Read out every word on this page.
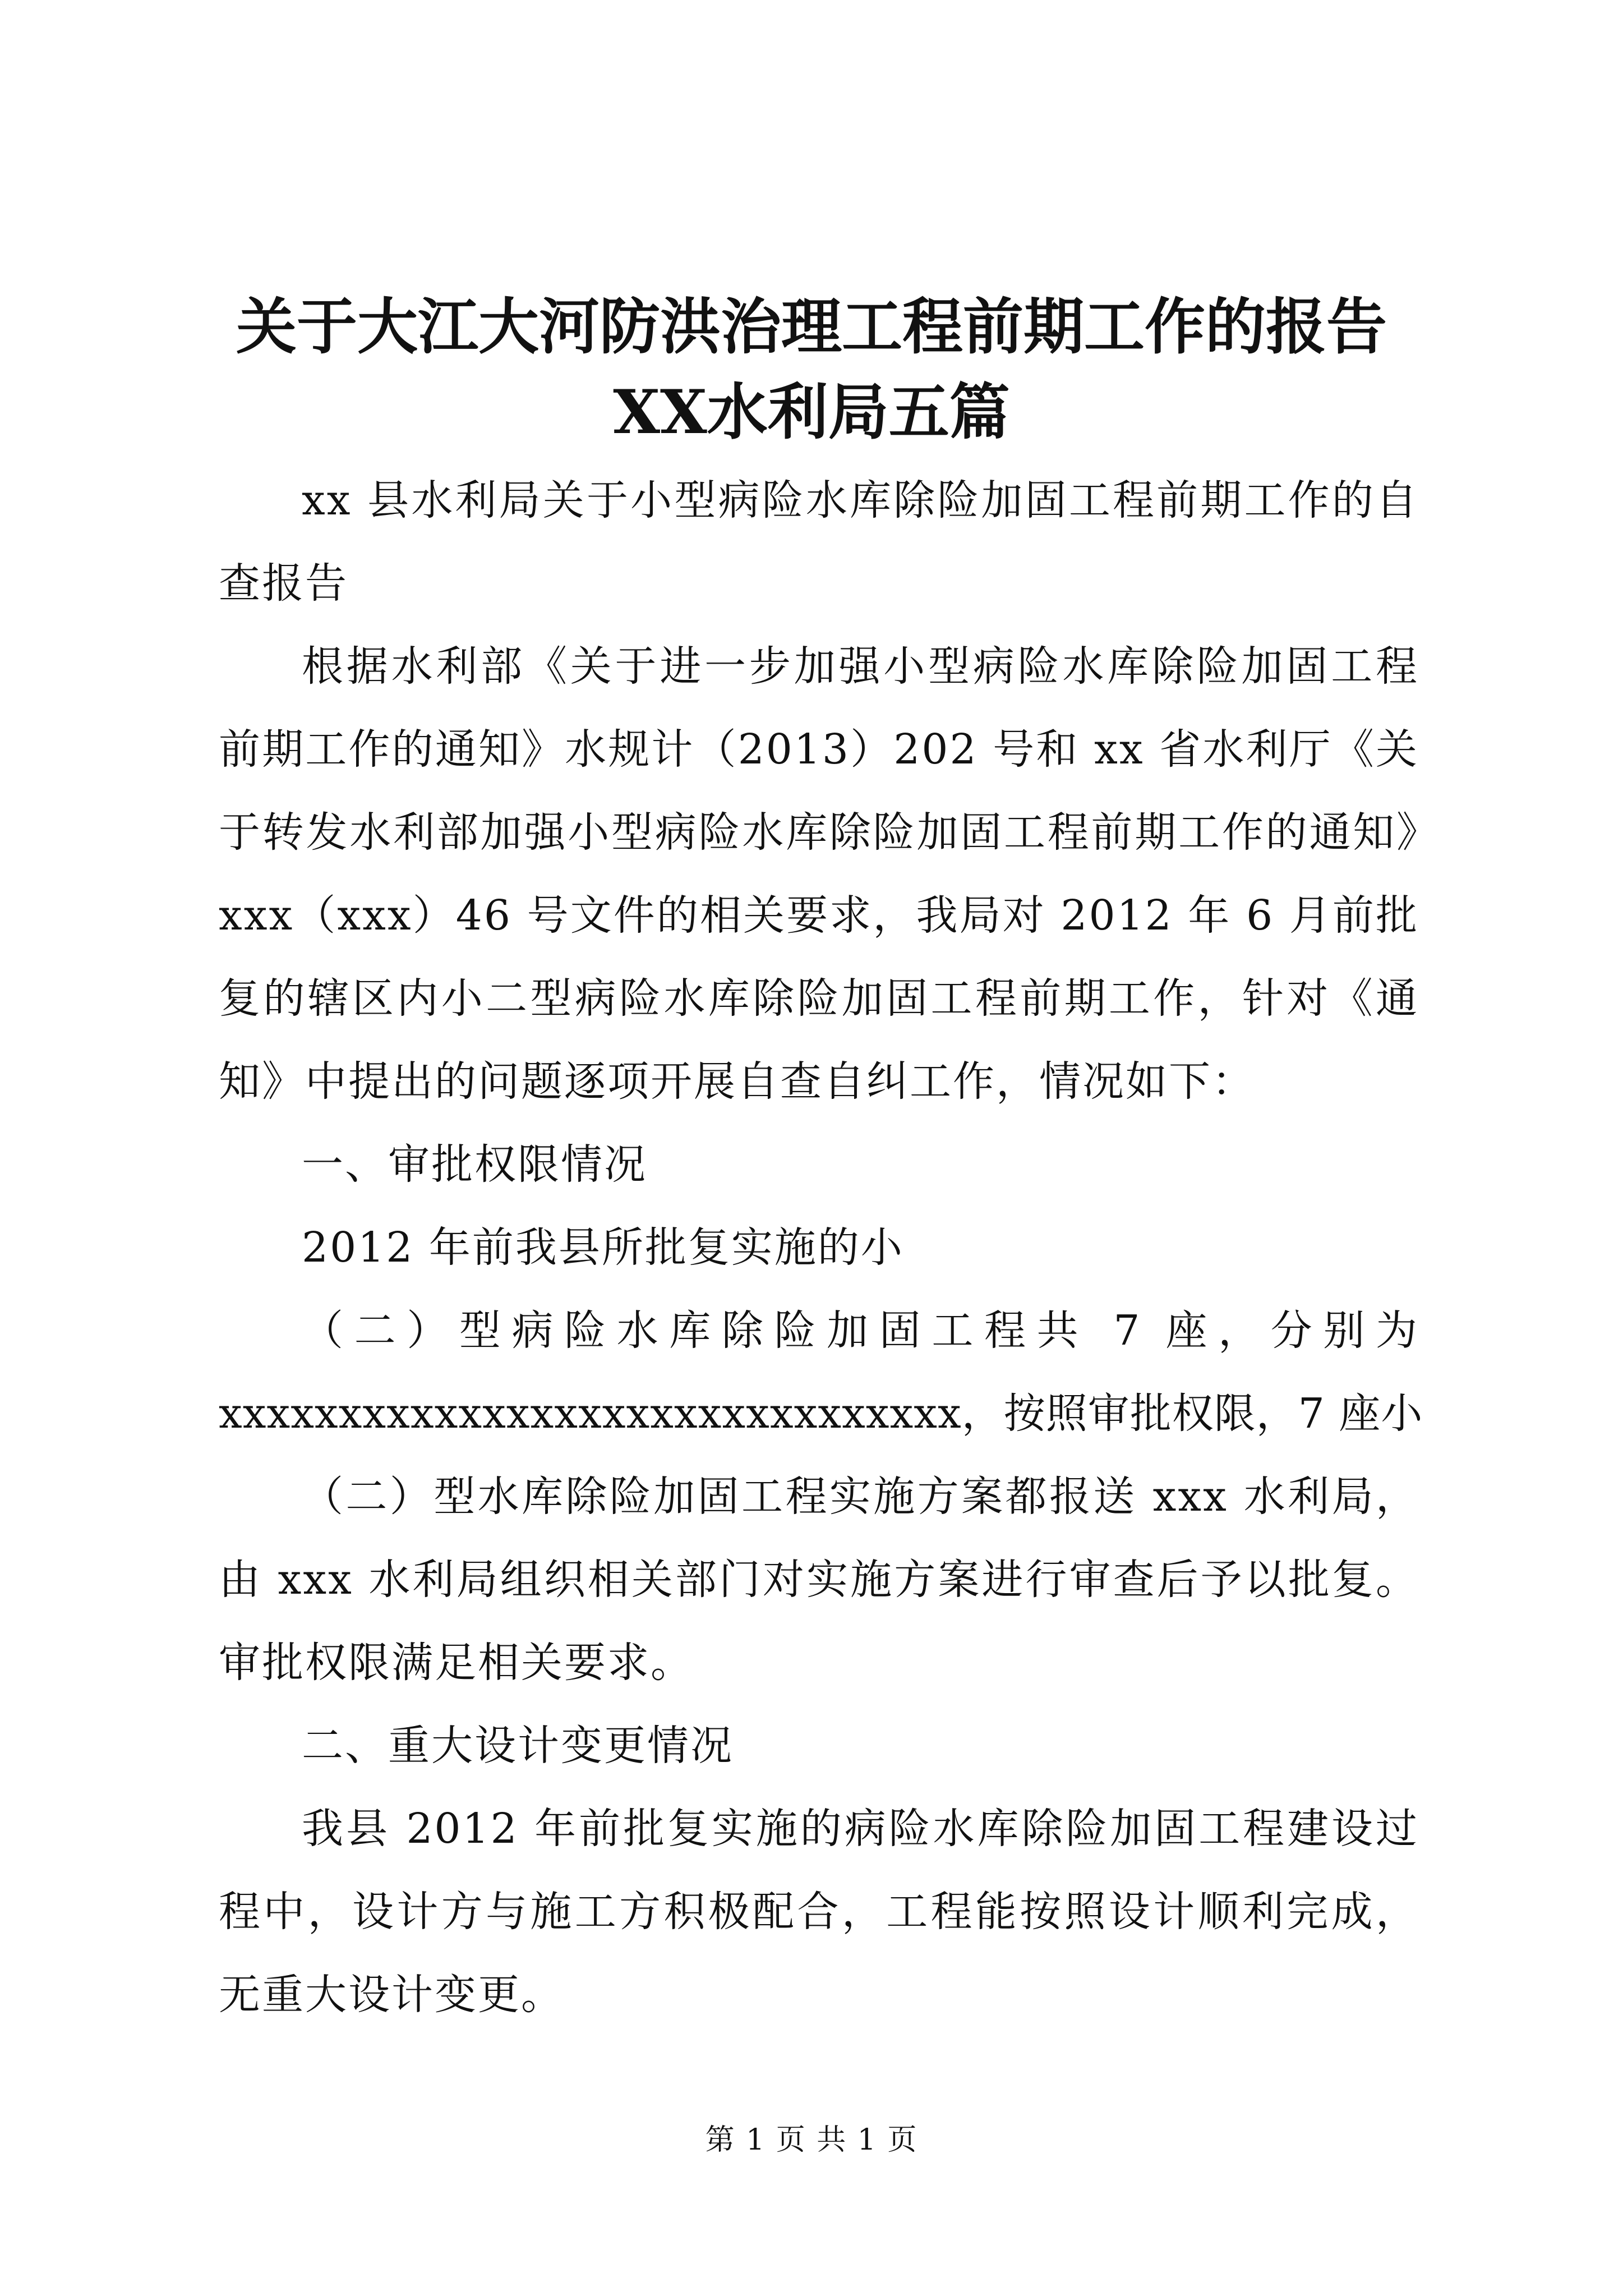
关于大江大河防洪治理工程前期工作的报告
XX水利局五篇

xx 县水利局关于小型病险水库除险加固工程前期工作的自查报告

根据水利部《关于进一步加强小型病险水库除险加固工程前期工作的通知》水规计（2013）202 号和 xx 省水利厅《关于转发水利部加强小型病险水库除险加固工程前期工作的通知》xxx（xxx）46 号文件的相关要求，我局对 2012 年 6 月前批复的辖区内小二型病险水库除险加固工程前期工作，针对《通知》中提出的问题逐项开展自查自纠工作，情况如下：

一、审批权限情况

2012 年前我县所批复实施的小

（二）型病险水库除险加固工程共 7 座，分别为

xxxxxxxxxxxxxxxxxxxxxxxxxxxxxxx，按照审批权限，7 座小

（二）型水库除险加固工程实施方案都报送 xxx 水利局，由 xxx 水利局组织相关部门对实施方案进行审查后予以批复。审批权限满足相关要求。

二、重大设计变更情况

我县 2012 年前批复实施的病险水库除险加固工程建设过程中，设计方与施工方积极配合，工程能按照设计顺利完成，无重大设计变更。

第 1 页 共 1 页
